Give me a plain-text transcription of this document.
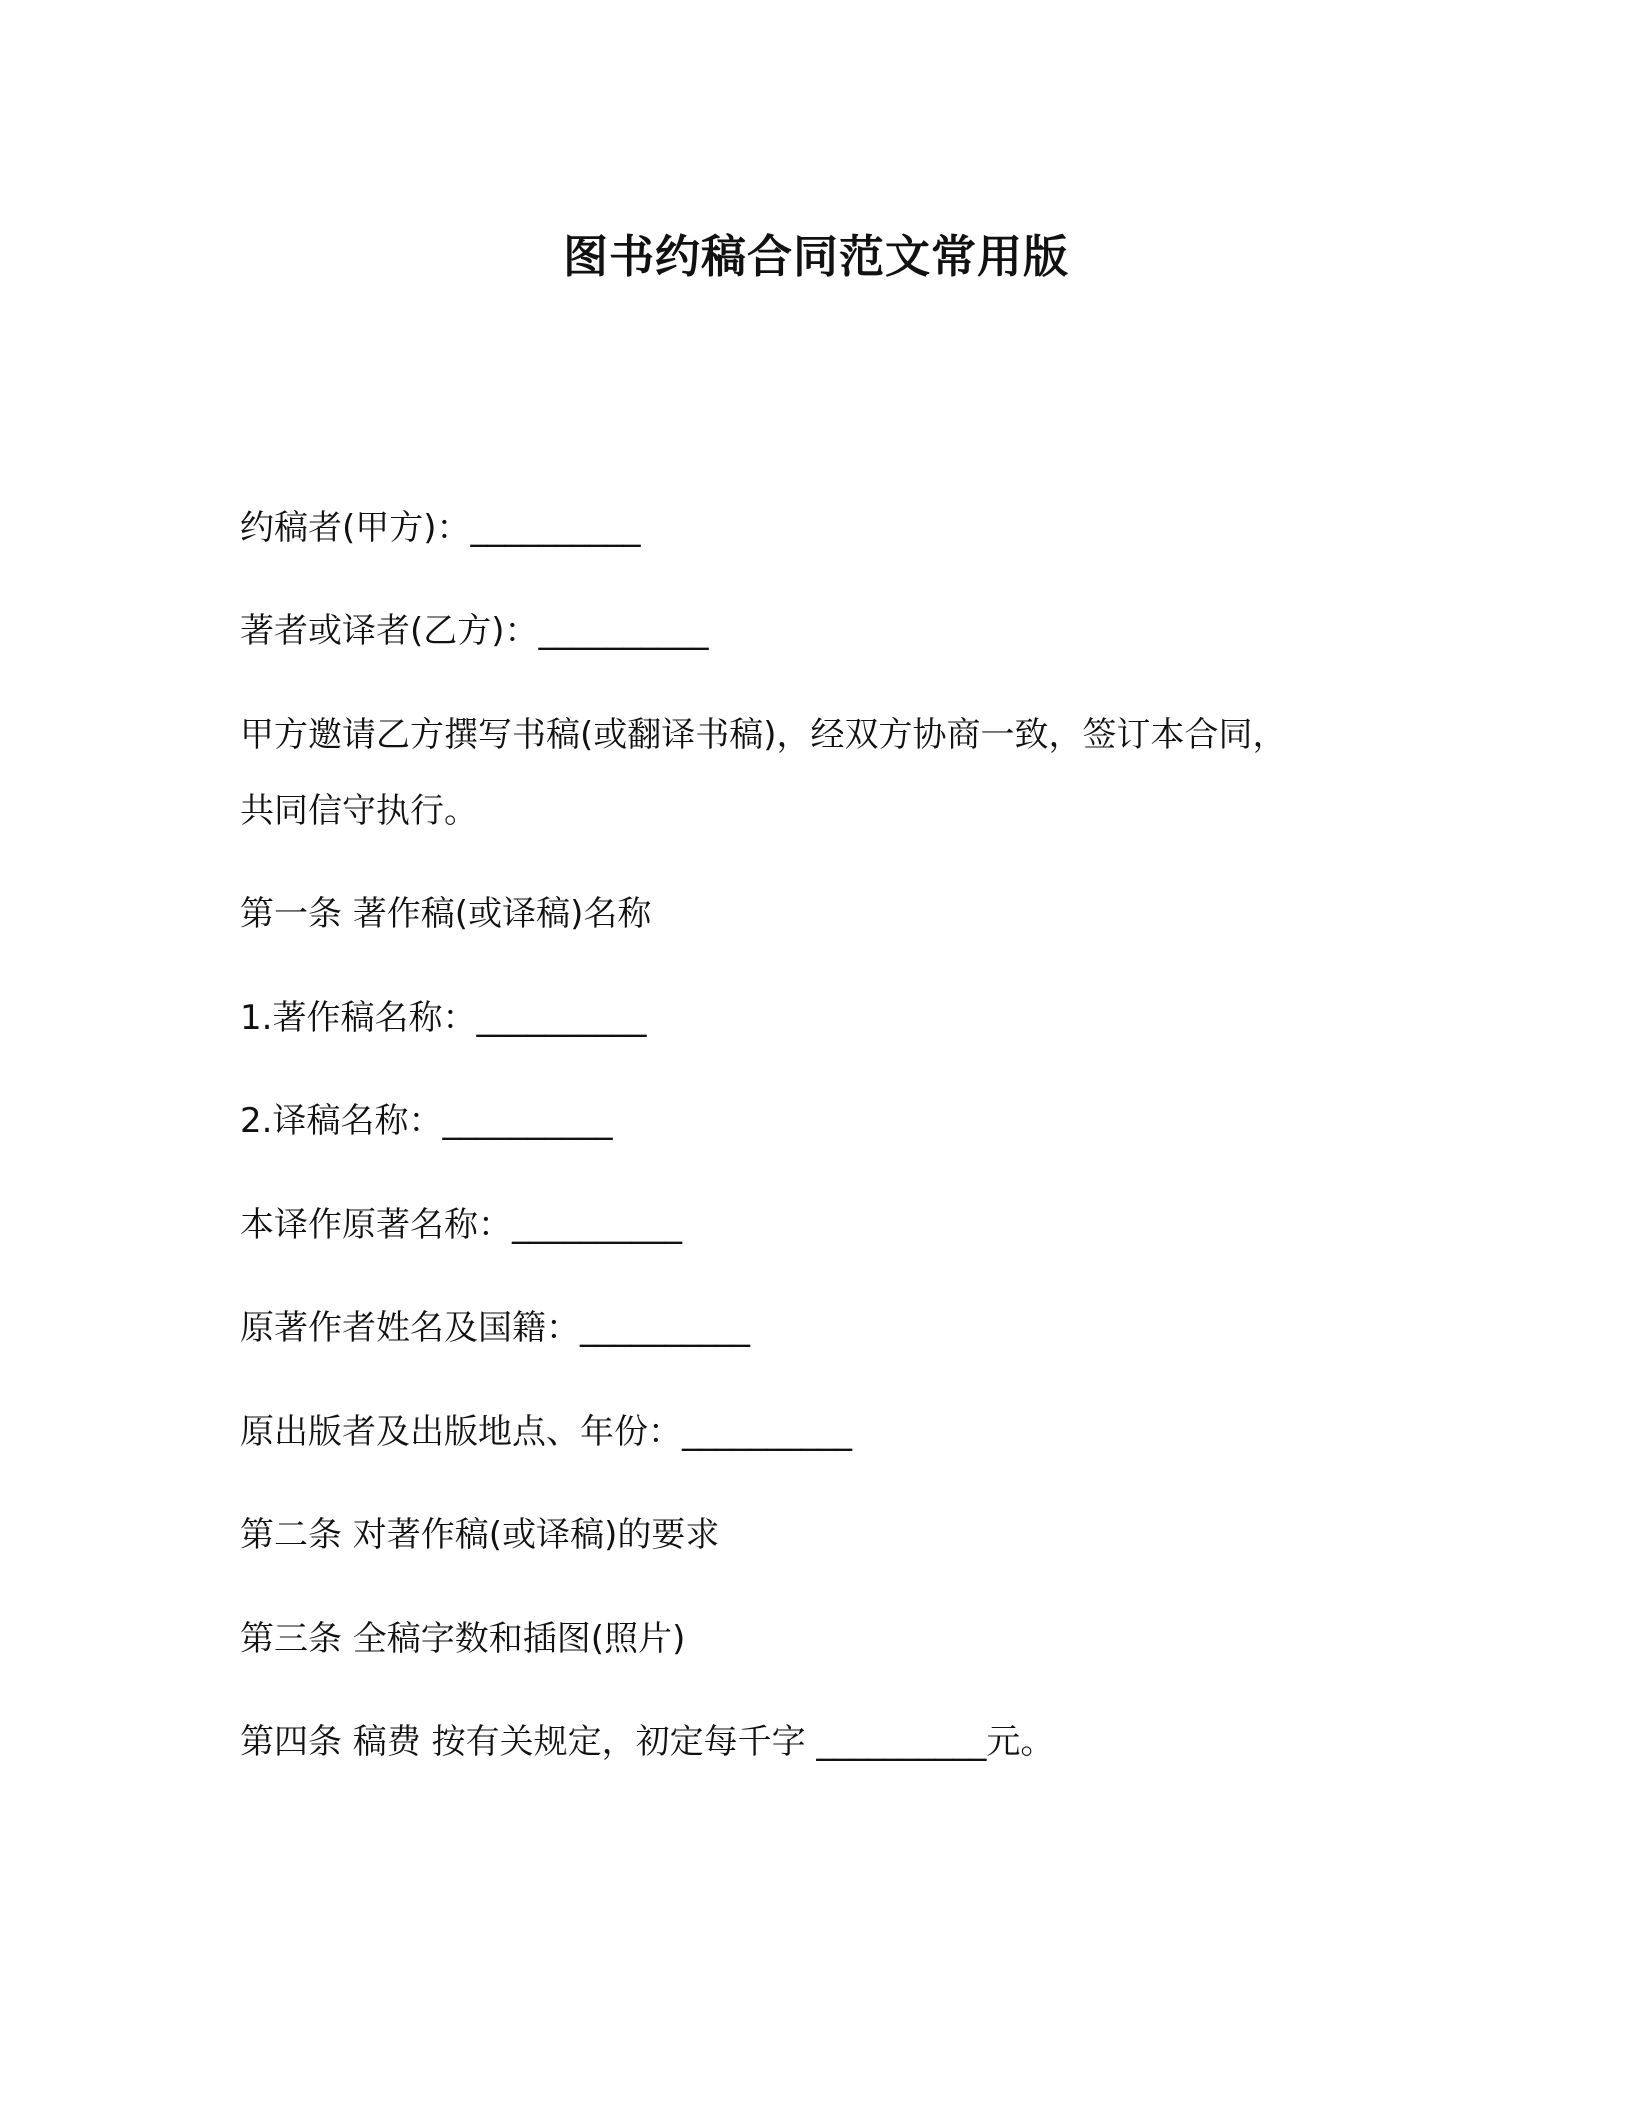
图书约稿合同范文常用版

约稿者(甲方)：__________

著者或译者(乙方)：__________

甲方邀请乙方撰写书稿(或翻译书稿)，经双方协商一致，签订本合同，

共同信守执行。

第一条 著作稿(或译稿)名称

1.著作稿名称：__________

2.译稿名称：__________

本译作原著名称：__________

原著作者姓名及国籍：__________

原出版者及出版地点、年份：__________

第二条 对著作稿(或译稿)的要求

第三条 全稿字数和插图(照片)

第四条 稿费 按有关规定，初定每千字 __________元。
